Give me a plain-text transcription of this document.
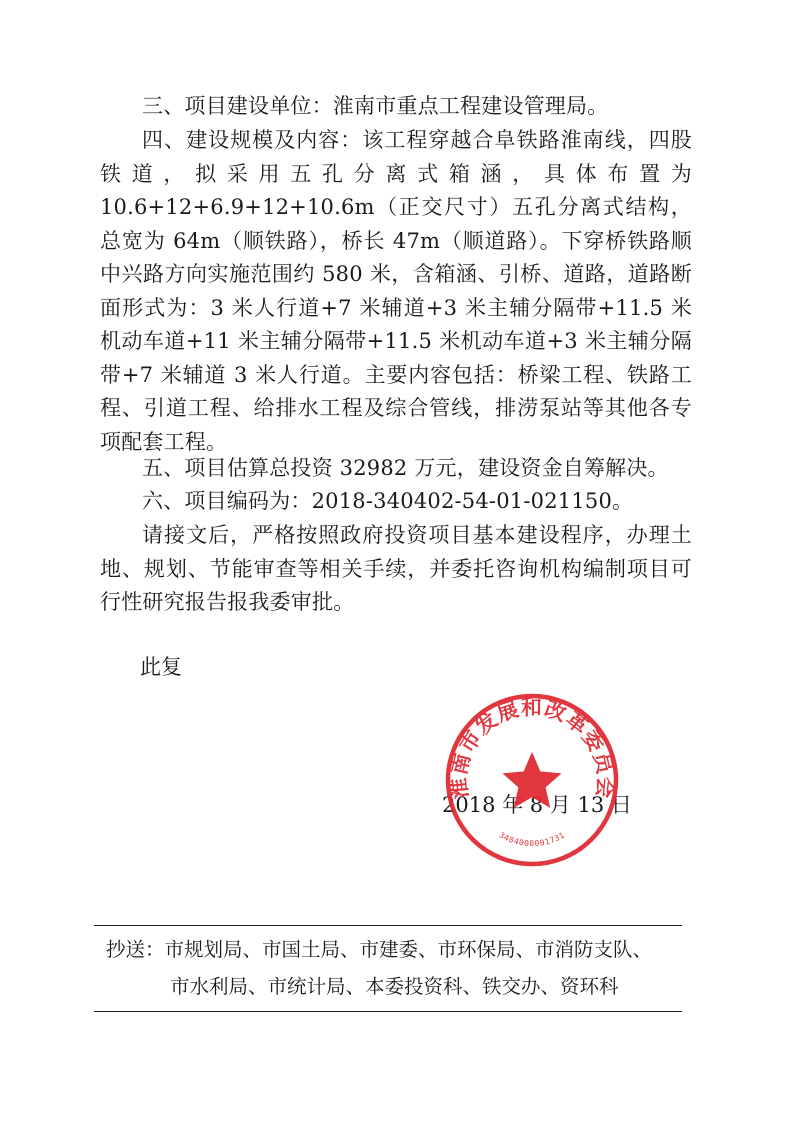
三、项目建设单位：淮南市重点工程建设管理局。

四、建设规模及内容：该工程穿越合阜铁路淮南线，四股铁道，拟采用五孔分离式箱涵，具体布置为 10.6+12+6.9+12+10.6m（正交尺寸）五孔分离式结构，总宽为 64m（顺铁路），桥长 47m（顺道路）。下穿桥铁路顺中兴路方向实施范围约 580 米，含箱涵、引桥、道路，道路断面形式为：3 米人行道+7 米辅道+3 米主辅分隔带+11.5 米机动车道+11 米主辅分隔带+11.5 米机动车道+3 米主辅分隔带+7 米辅道 3 米人行道。主要内容包括：桥梁工程、铁路工程、引道工程、给排水工程及综合管线，排涝泵站等其他各专项配套工程。

五、项目估算总投资 32982 万元，建设资金自筹解决。

六、项目编码为：2018-340402-54-01-021150。

请接文后，严格按照政府投资项目基本建设程序，办理土地、规划、节能审查等相关手续，并委托咨询机构编制项目可行性研究报告报我委审批。

此复

2018 年 8 月 13 日

淮南市发展和改革委员会
3404000001731

抄送：市规划局、市国土局、市建委、市环保局、市消防支队、
市水利局、市统计局、本委投资科、铁交办、资环科
